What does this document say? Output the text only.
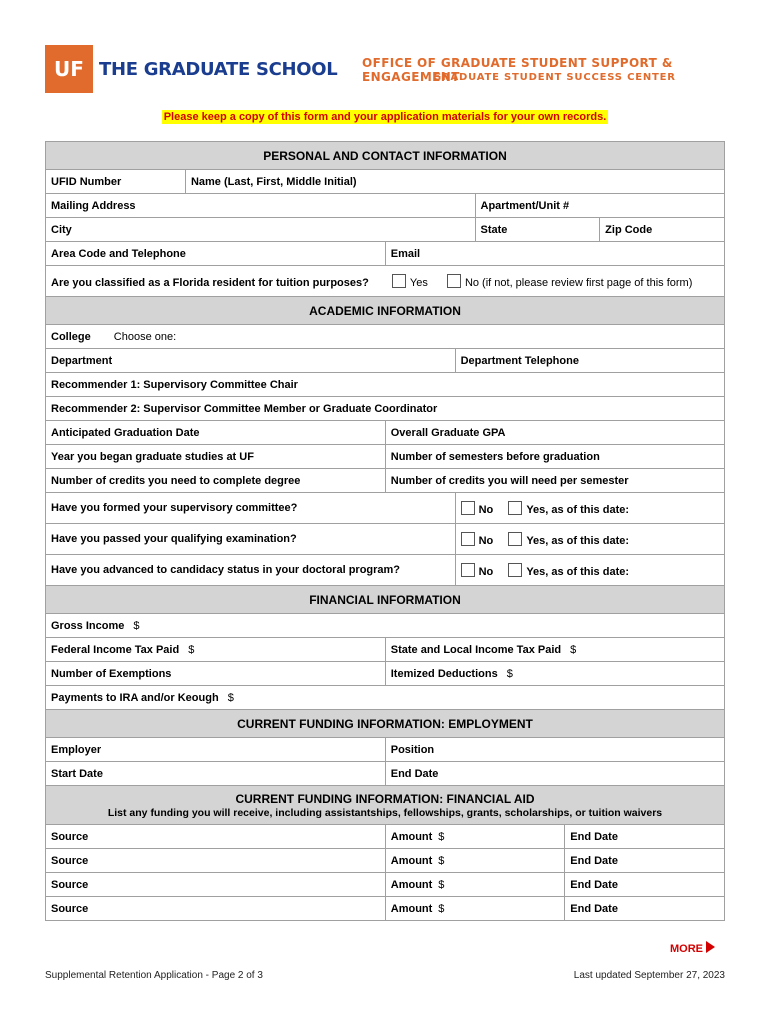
UF THE GRADUATE SCHOOL OFFICE OF GRADUATE STUDENT SUPPORT & ENGAGEMENT
GRADUATE STUDENT SUCCESS CENTER
Please keep a copy of this form and your application materials for your own records.
PERSONAL AND CONTACT INFORMATION						
UFID Number	Name (Last, First, Middle Initial)					
Mailing Address				Apartment/Unit #		
City				State		Zip Code
Area Code and Telephone		Email				
Are you classified as a Florida resident for tuition purposes? Yes No (if not, please review first page of this form)						
ACADEMIC INFORMATION						
College Choose one:						
Department			Department Telephone			
Recommender 1: Supervisory Committee Chair						
Recommender 2: Supervisor Committee Member or Graduate Coordinator						
Anticipated Graduation Date		Overall Graduate GPA				
Year you began graduate studies at UF		Number of semesters before graduation				
Number of credits you need to complete degree		Number of credits you will need per semester				
Have you formed your supervisory committee?			No Yes, as of this date:			
Have you passed your qualifying examination?			No Yes, as of this date:			
Have you advanced to candidacy status in your doctoral program?			No Yes, as of this date:			
FINANCIAL INFORMATION						
Gross Income $						
Federal Income Tax Paid $		State and Local Income Tax Paid $				
Number of Exemptions		Itemized Deductions $				
Payments to IRA and/or Keough $						
CURRENT FUNDING INFORMATION: EMPLOYMENT						
Employer		Position				
Start Date		End Date				

CURRENT FUNDING INFORMATION: FINANCIAL AID
List any funding you will receive, including assistantships, fellowships, grants, scholarships, or tuition waivers						

Source		Amount $			End Date	
Source		Amount $			End Date	
Source		Amount $			End Date	
Source		Amount $			End Date	
MORE
Supplemental Retention Application - Page 2 of 3	Last updated September 27, 2023
